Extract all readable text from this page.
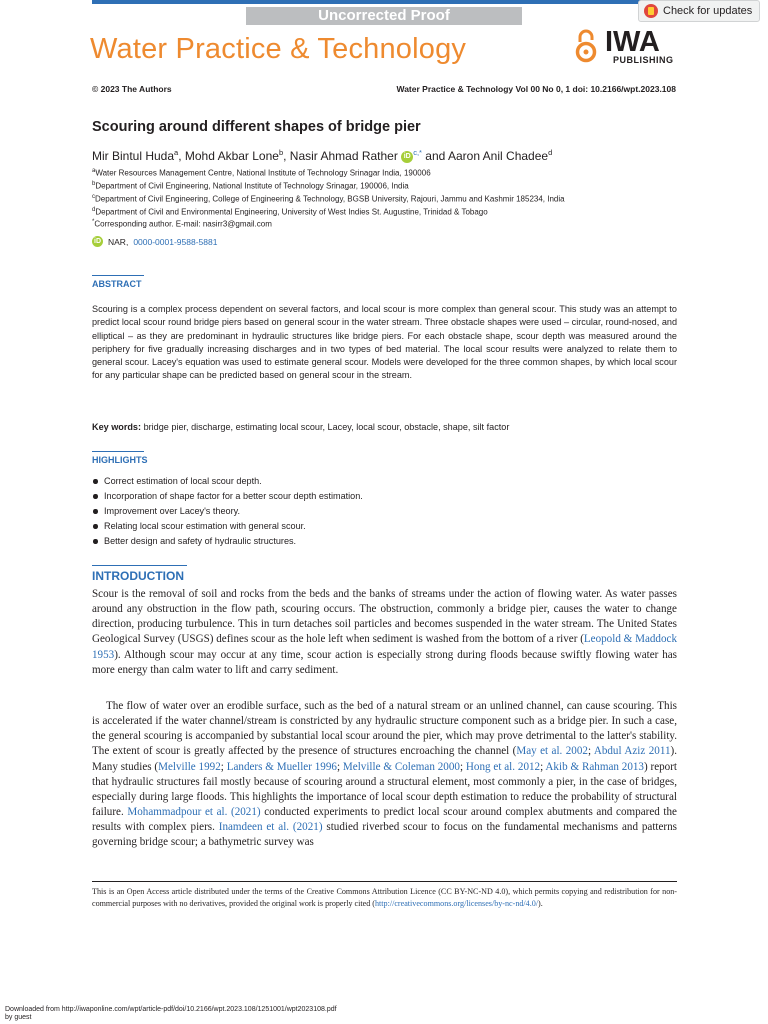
Uncorrected Proof	Check for updates
Water Practice & Technology	IWA
PUBLISHING
© 2023 The Authors	Water Practice & Technology Vol 00 No 0, 1 doi: 10.2166/wpt.2023.108
Scouring around different shapes of bridge pier
Mir Bintul Huda$^a$, Mohd Akbar Lone$^b$, Nasir Ahmad Rather iD $^{c,*}$ and Aaron Anil Chadee$^d$
$^a$Water Resources Management Centre, National Institute of Technology Srinagar India, 190006
$^b$Department of Civil Engineering, National Institute of Technology Srinagar, 190006, India
$^c$Department of Civil Engineering, College of Engineering & Technology, BGSB University, Rajouri, Jammu and Kashmir 185234, India
$^d$Department of Civil and Environmental Engineering, University of West Indies St. Augustine, Trinidad & Tobago
*Corresponding author. E-mail: nasirr3@gmail.com
iD NAR, 0000-0001-9588-5881
ABSTRACT
Scouring is a complex process dependent on several factors, and local scour is more complex than general scour. This study was an attempt to predict local scour round bridge piers based on general scour in the water stream. Three obstacle shapes were used – circular, round-nosed, and elliptical – as they are predominant in hydraulic structures like bridge piers. For each obstacle shape, scour depth was measured around the periphery for five gradually increasing discharges and in two types of bed material. The local scour results were analyzed to relate them to general scour. Lacey's equation was used to estimate general scour. Models were developed for the three common shapes, by which local scour for any particular shape can be predicted based on general scour in the stream.
Key words: bridge pier, discharge, estimating local scour, Lacey, local scour, obstacle, shape, silt factor
HIGHLIGHTS
Correct estimation of local scour depth.
Incorporation of shape factor for a better scour depth estimation.
Improvement over Lacey's theory.
Relating local scour estimation with general scour.
Better design and safety of hydraulic structures.
INTRODUCTION

Scour is the removal of soil and rocks from the beds and the banks of streams under the action of flowing water. As water passes around any obstruction in the flow path, scouring occurs. The obstruction, commonly a bridge pier, causes the water to change direction, producing turbulence. This in turn detaches soil particles and becomes suspended in the water stream. The United States Geological Survey (USGS) defines scour as the hole left when sediment is washed from the bottom of a river (Leopold & Maddock 1953). Although scour may occur at any time, scour action is especially strong during floods because swiftly flowing water has more energy than calm water to lift and carry sediment.

The flow of water over an erodible surface, such as the bed of a natural stream or an unlined channel, can cause scouring. This is accelerated if the water channel/stream is constricted by any hydraulic structure component such as a bridge pier. In such a case, the general scouring is accompanied by substantial local scour around the pier, which may prove detrimental to the latter's stability. The extent of scour is greatly affected by the presence of structures encroaching the channel (May et al. 2002; Abdul Aziz 2011). Many studies (Melville 1992; Landers & Mueller 1996; Melville & Coleman 2000; Hong et al. 2012; Akib & Rahman 2013) report that hydraulic structures fail mostly because of scouring around a structural element, most commonly a pier, in the case of bridges, especially during large floods. This highlights the importance of local scour depth estimation to reduce the probability of structural failure. Mohammadpour et al. (2021) conducted experiments to predict local scour around complex abutments and compared the results with complex piers. Inamdeen et al. (2021) studied riverbed scour to focus on the fundamental mechanisms and patterns governing bridge scour; a bathymetric survey was

This is an Open Access article distributed under the terms of the Creative Commons Attribution Licence (CC BY-NC-ND 4.0), which permits copying and redistribution for non-commercial purposes with no derivatives, provided the original work is properly cited (http://creativecommons.org/licenses/by-nc-nd/4.0/).

Downloaded from http://iwaponline.com/wpt/article-pdf/doi/10.2166/wpt.2023.108/1251001/wpt2023108.pdf
by guest
